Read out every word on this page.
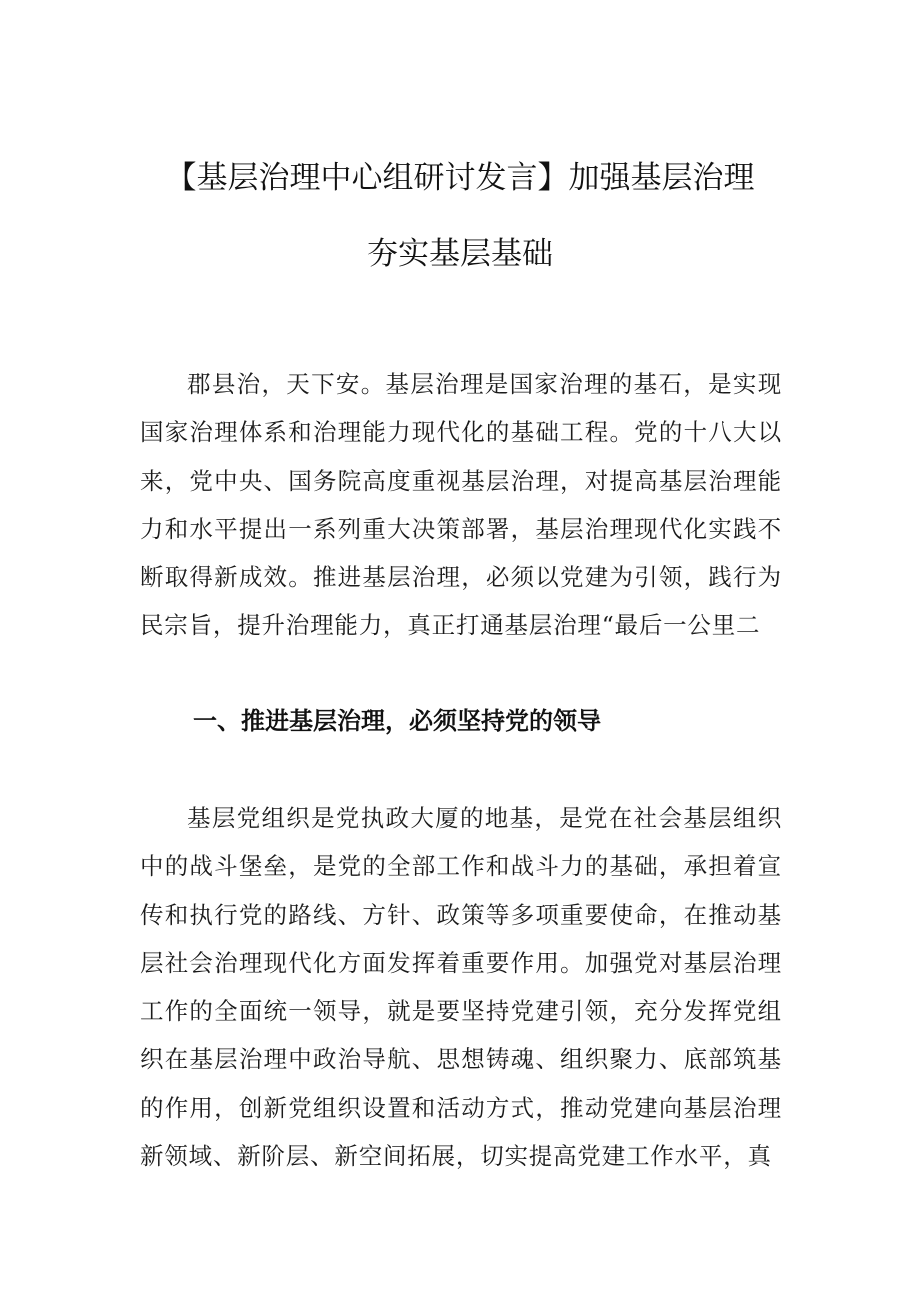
【基层治理中心组研讨发言】加强基层治理
夯实基层基础

郡县治，天下安。基层治理是国家治理的基石，是实现国家治理体系和治理能力现代化的基础工程。党的十八大以来，党中央、国务院高度重视基层治理，对提高基层治理能力和水平提出一系列重大决策部署，基层治理现代化实践不断取得新成效。推进基层治理，必须以党建为引领，践行为民宗旨，提升治理能力，真正打通基层治理“最后一公里二

一、推进基层治理，必须坚持党的领导

基层党组织是党执政大厦的地基，是党在社会基层组织中的战斗堡垒，是党的全部工作和战斗力的基础，承担着宣传和执行党的路线、方针、政策等多项重要使命，在推动基层社会治理现代化方面发挥着重要作用。加强党对基层治理工作的全面统一领导，就是要坚持党建引领，充分发挥党组织在基层治理中政治导航、思想铸魂、组织聚力、底部筑基的作用，创新党组织设置和活动方式，推动党建向基层治理新领域、新阶层、新空间拓展，切实提高党建工作水平，真
